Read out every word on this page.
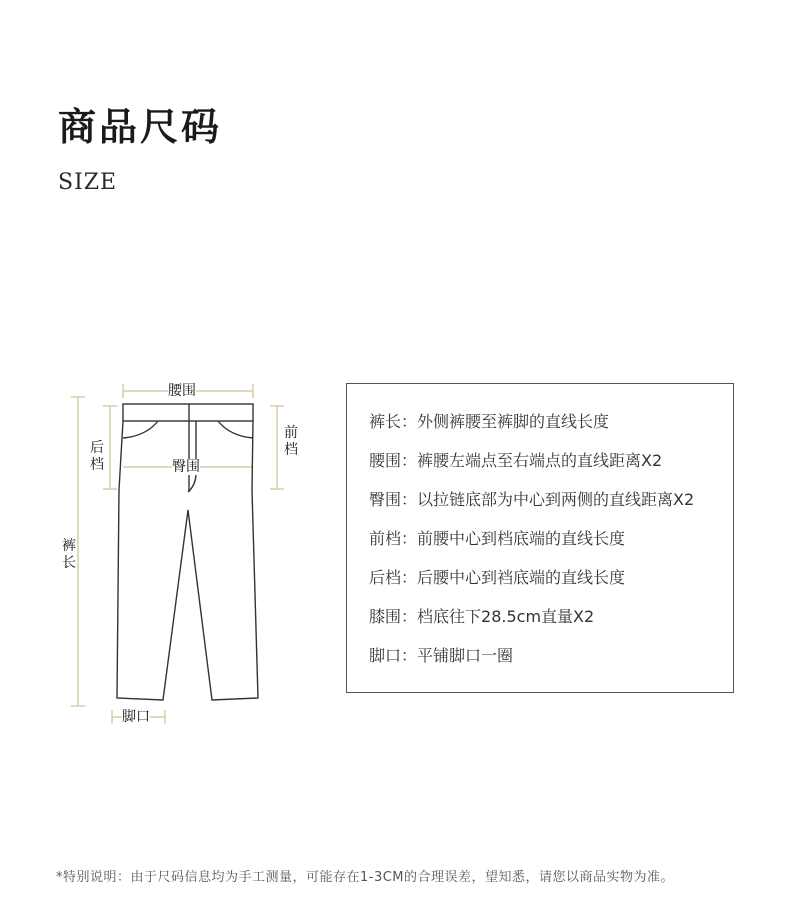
商品尺码
SIZE
腰围
臀围
前档
后档
裤长
脚口
裤长：外侧裤腰至裤脚的直线长度
腰围：裤腰左端点至右端点的直线距离X2
臀围：以拉链底部为中心到两侧的直线距离X2
前档：前腰中心到档底端的直线长度
后档：后腰中心到裆底端的直线长度
膝围：档底往下28.5cm直量X2
脚口：平铺脚口一圈
*特别说明：由于尺码信息均为手工测量，可能存在1-3CM的合理误差，望知悉，请您以商品实物为准。
